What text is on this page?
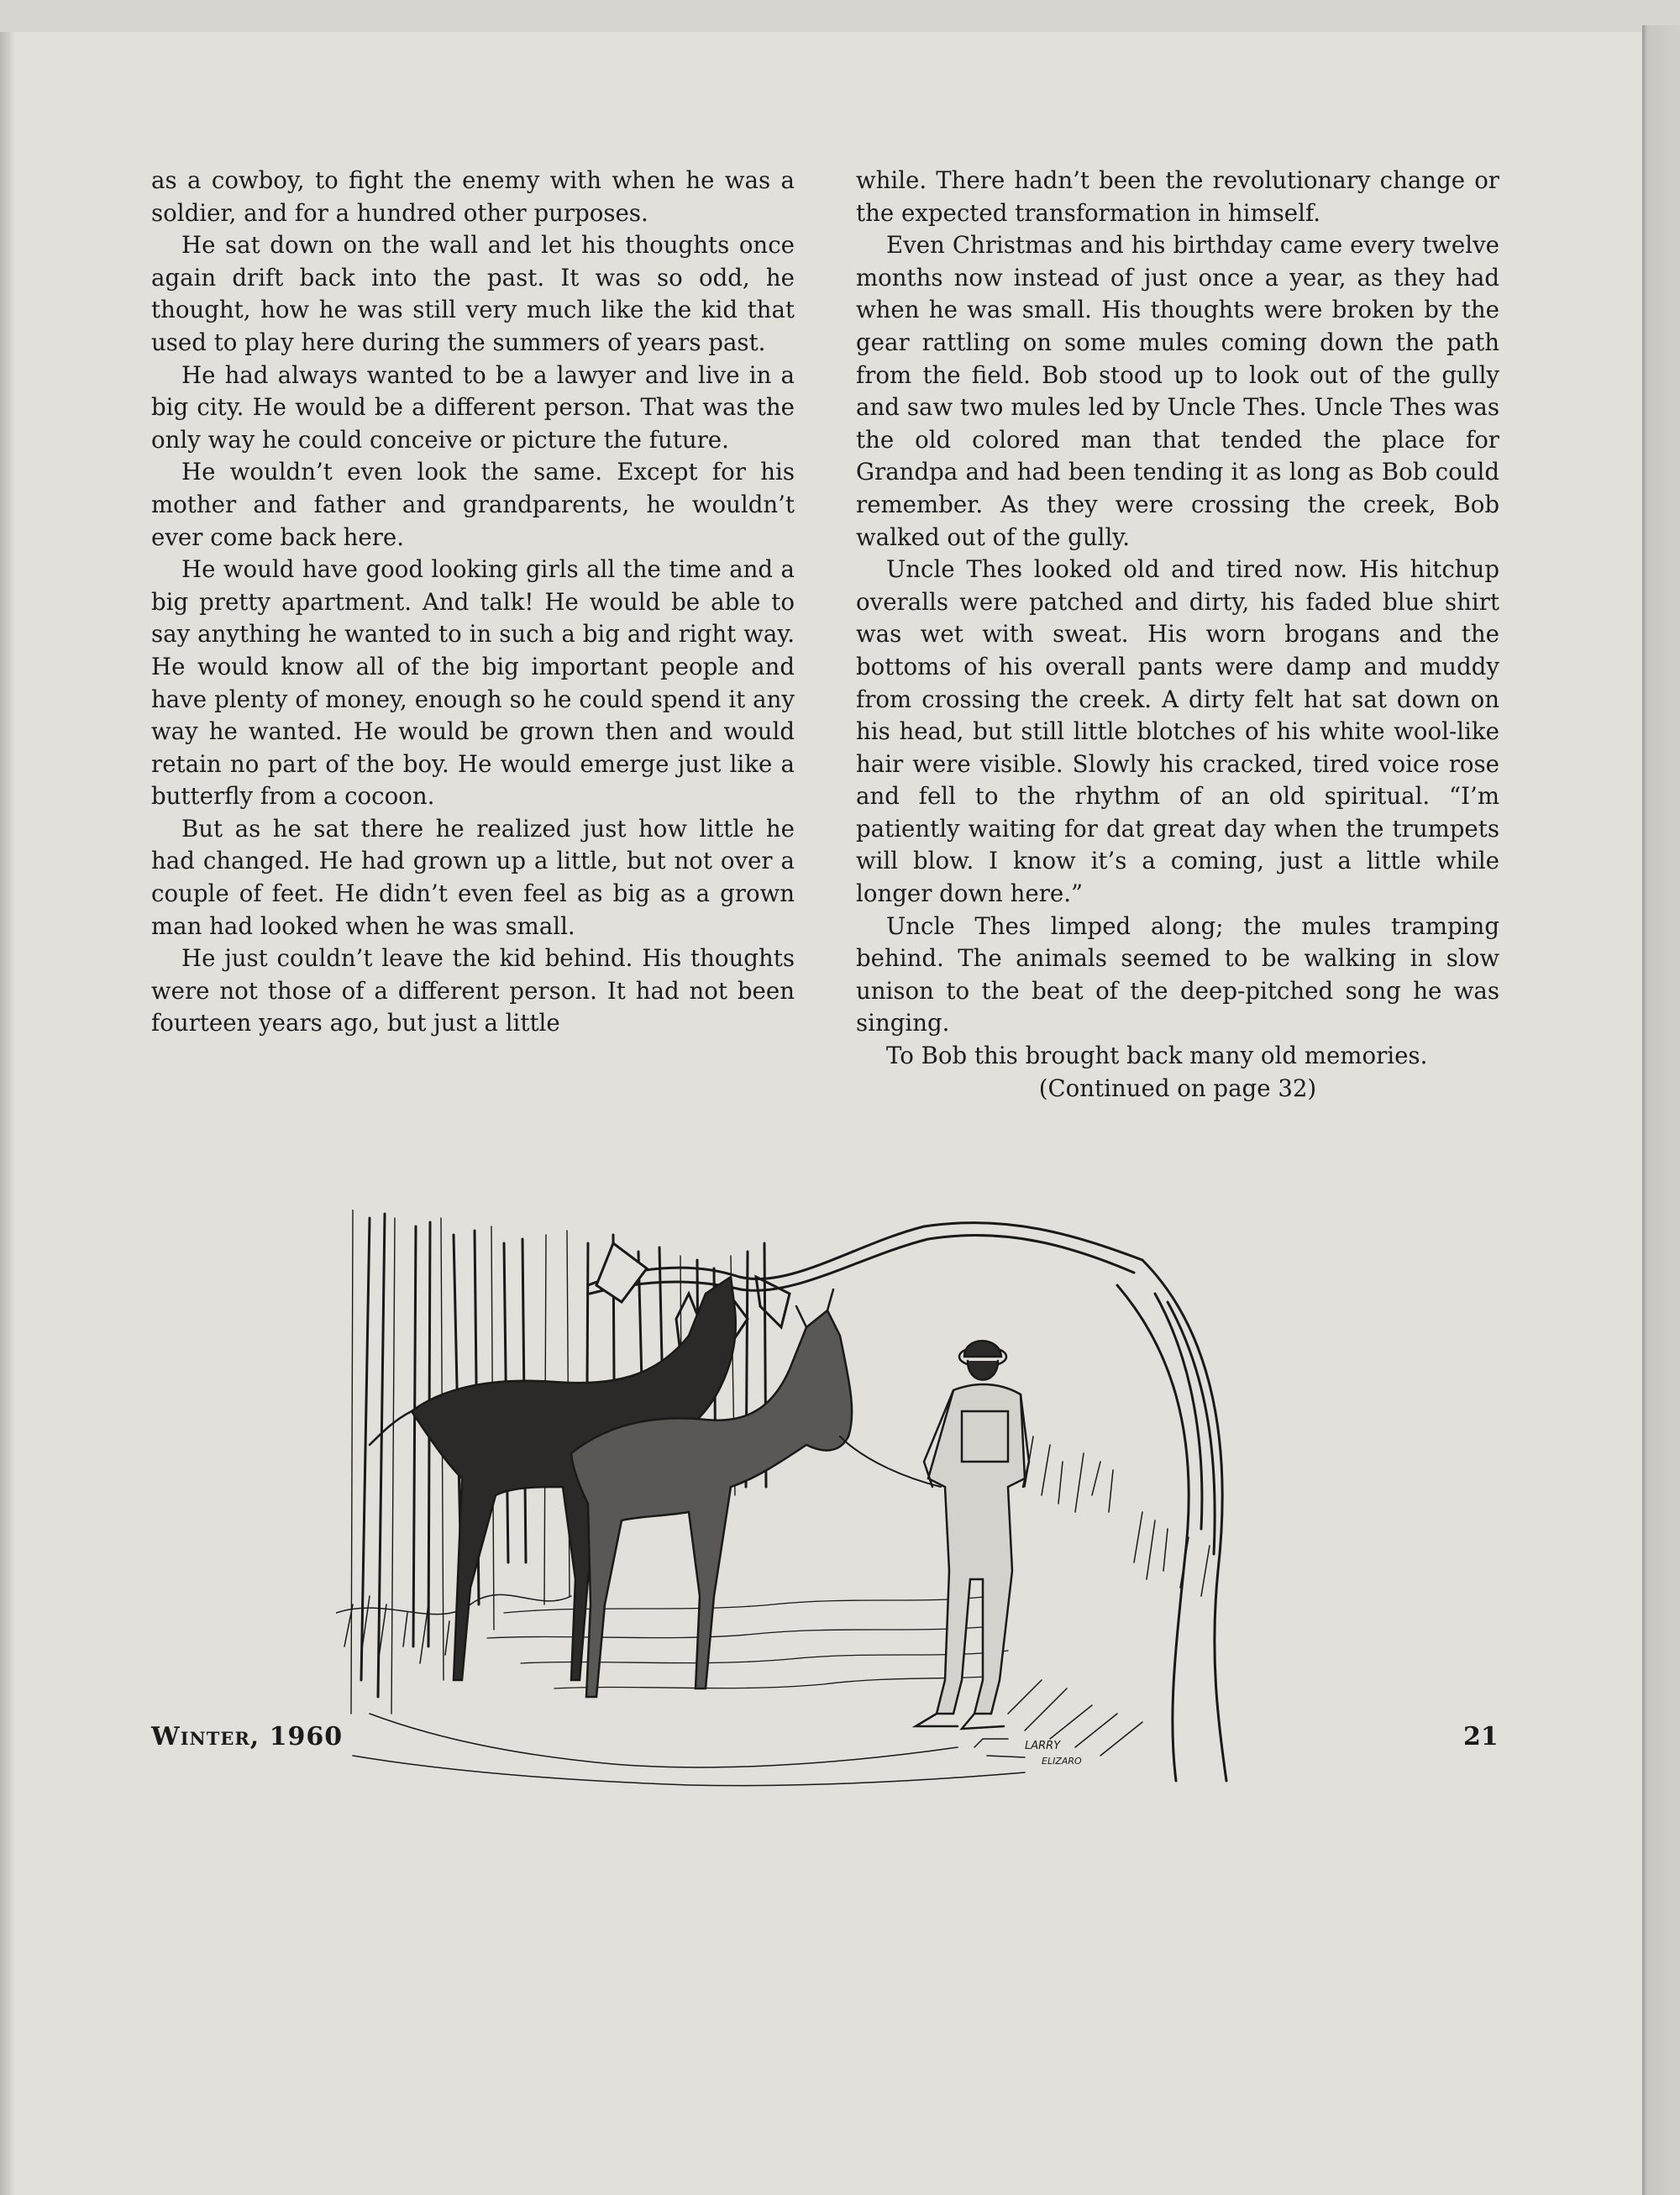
as a cowboy, to fight the enemy with when he was a soldier, and for a hundred other purposes.

He sat down on the wall and let his thoughts once again drift back into the past. It was so odd, he thought, how he was still very much like the kid that used to play here during the summers of years past.

He had always wanted to be a lawyer and live in a big city. He would be a different person. That was the only way he could conceive or picture the future.

He wouldn’t even look the same. Except for his mother and father and grandparents, he wouldn’t ever come back here.

He would have good looking girls all the time and a big pretty apartment. And talk! He would be able to say anything he wanted to in such a big and right way. He would know all of the big important people and have plenty of money, enough so he could spend it any way he wanted. He would be grown then and would retain no part of the boy. He would emerge just like a butterfly from a cocoon.

But as he sat there he realized just how little he had changed. He had grown up a little, but not over a couple of feet. He didn’t even feel as big as a grown man had looked when he was small.

He just couldn’t leave the kid behind. His thoughts were not those of a different person. It had not been fourteen years ago, but just a little

while. There hadn’t been the revolutionary change or the expected transformation in himself.

Even Christmas and his birthday came every twelve months now instead of just once a year, as they had when he was small. His thoughts were broken by the gear rattling on some mules coming down the path from the field. Bob stood up to look out of the gully and saw two mules led by Uncle Thes. Uncle Thes was the old colored man that tended the place for Grandpa and had been tending it as long as Bob could remember. As they were crossing the creek, Bob walked out of the gully.

Uncle Thes looked old and tired now. His hitchup overalls were patched and dirty, his faded blue shirt was wet with sweat. His worn brogans and the bottoms of his overall pants were damp and muddy from crossing the creek. A dirty felt hat sat down on his head, but still little blotches of his white wool-like hair were visible. Slowly his cracked, tired voice rose and fell to the rhythm of an old spiritual. “I’m patiently waiting for dat great day when the trumpets will blow. I know it’s a coming, just a little while longer down here.”

Uncle Thes limped along; the mules tramping behind. The animals seemed to be walking in slow unison to the beat of the deep-pitched song he was singing.

To Bob this brought back many old memories.

(Continued on page 32)

LARRY
ELIZARO
Winter, 1960	21
